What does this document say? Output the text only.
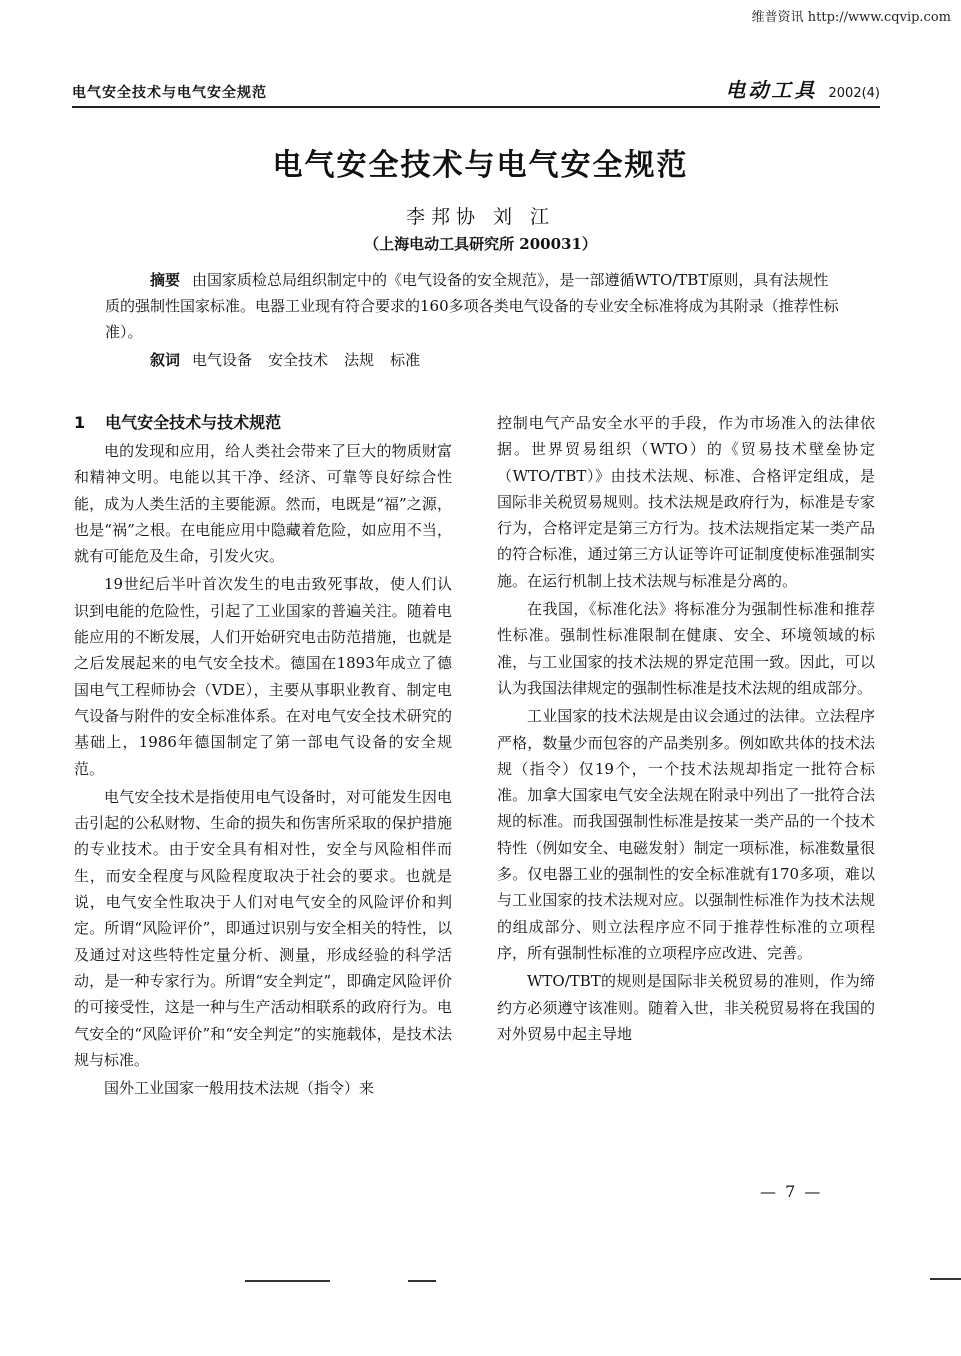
维普资讯 http://www.cqvip.com
电气安全技术与电气安全规范	电动工具 2002(4)
电气安全技术与电气安全规范
李邦协 刘 江
（上海电动工具研究所 200031）

摘要 由国家质检总局组织制定中的《电气设备的安全规范》，是一部遵循WTO/TBT原则，具有法规性质的强制性国家标准。电器工业现有符合要求的160多项各类电气设备的专业安全标准将成为其附录（推荐性标准）。

叙词 电气设备 安全技术 法规 标准

1 电气安全技术与技术规范

电的发现和应用，给人类社会带来了巨大的物质财富和精神文明。电能以其干净、经济、可靠等良好综合性能，成为人类生活的主要能源。然而，电既是“福”之源，也是“祸”之根。在电能应用中隐藏着危险，如应用不当，就有可能危及生命，引发火灾。

19世纪后半叶首次发生的电击致死事故，使人们认识到电能的危险性，引起了工业国家的普遍关注。随着电能应用的不断发展，人们开始研究电击防范措施，也就是之后发展起来的电气安全技术。德国在1893年成立了德国电气工程师协会（VDE），主要从事职业教育、制定电气设备与附件的安全标准体系。在对电气安全技术研究的基础上，1986年德国制定了第一部电气设备的安全规范。

电气安全技术是指使用电气设备时，对可能发生因电击引起的公私财物、生命的损失和伤害所采取的保护措施的专业技术。由于安全具有相对性，安全与风险相伴而生，而安全程度与风险程度取决于社会的要求。也就是说，电气安全性取决于人们对电气安全的风险评价和判定。所谓“风险评价”，即通过识别与安全相关的特性，以及通过对这些特性定量分析、测量，形成经验的科学活动，是一种专家行为。所谓“安全判定”，即确定风险评价的可接受性，这是一种与生产活动相联系的政府行为。电气安全的“风险评价”和“安全判定”的实施载体，是技术法规与标准。

国外工业国家一般用技术法规（指令）来

控制电气产品安全水平的手段，作为市场准入的法律依据。世界贸易组织（WTO）的《贸易技术壁垒协定（WTO/TBT）》由技术法规、标准、合格评定组成，是国际非关税贸易规则。技术法规是政府行为，标准是专家行为，合格评定是第三方行为。技术法规指定某一类产品的符合标准，通过第三方认证等许可证制度使标准强制实施。在运行机制上技术法规与标准是分离的。

在我国，《标准化法》将标准分为强制性标准和推荐性标准。强制性标准限制在健康、安全、环境领域的标准，与工业国家的技术法规的界定范围一致。因此，可以认为我国法律规定的强制性标准是技术法规的组成部分。

工业国家的技术法规是由议会通过的法律。立法程序严格，数量少而包容的产品类别多。例如欧共体的技术法规（指令）仅19个，一个技术法规却指定一批符合标准。加拿大国家电气安全法规在附录中列出了一批符合法规的标准。而我国强制性标准是按某一类产品的一个技术特性（例如安全、电磁发射）制定一项标准，标准数量很多。仅电器工业的强制性的安全标准就有170多项，难以与工业国家的技术法规对应。以强制性标准作为技术法规的组成部分、则立法程序应不同于推荐性标准的立项程序，所有强制性标准的立项程序应改进、完善。

WTO/TBT的规则是国际非关税贸易的准则，作为缔约方必须遵守该准则。随着入世，非关税贸易将在我国的对外贸易中起主导地

— 7 —
